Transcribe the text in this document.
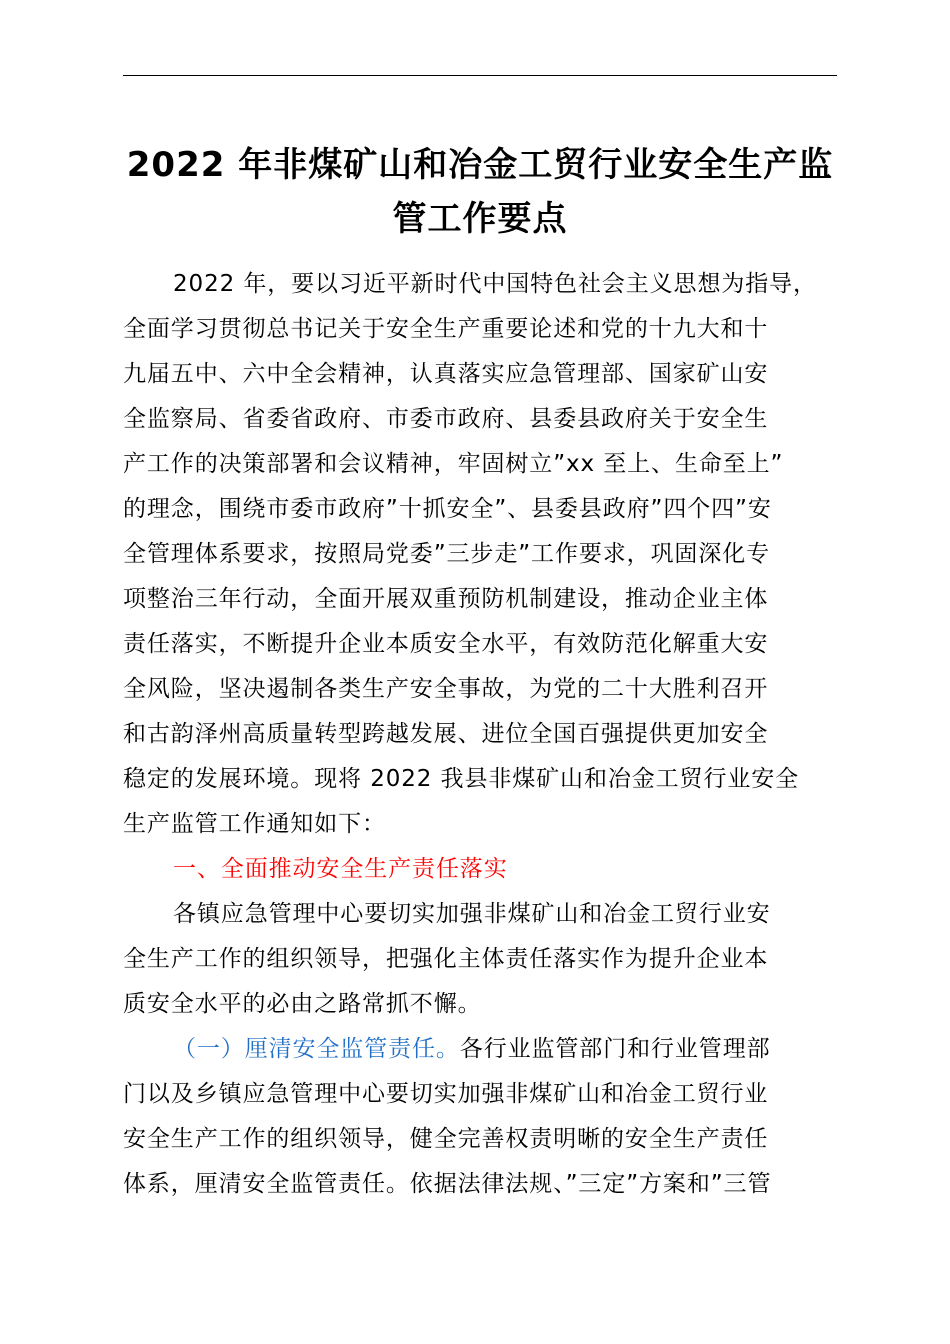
2022 年非煤矿山和冶金工贸行业安全生产监
管工作要点
2022 年，要以习近平新时代中国特色社会主义思想为指导，
全面学习贯彻总书记关于安全生产重要论述和党的十九大和十
九届五中、六中全会精神，认真落实应急管理部、国家矿山安
全监察局、省委省政府、市委市政府、县委县政府关于安全生
产工作的决策部署和会议精神，牢固树立”xx 至上、生命至上”
的理念，围绕市委市政府”十抓安全”、县委县政府”四个四”安
全管理体系要求，按照局党委”三步走”工作要求，巩固深化专
项整治三年行动，全面开展双重预防机制建设，推动企业主体
责任落实，不断提升企业本质安全水平，有效防范化解重大安
全风险，坚决遏制各类生产安全事故，为党的二十大胜利召开
和古韵泽州高质量转型跨越发展、进位全国百强提供更加安全
稳定的发展环境。现将 2022 我县非煤矿山和冶金工贸行业安全
生产监管工作通知如下：
一、全面推动安全生产责任落实
各镇应急管理中心要切实加强非煤矿山和冶金工贸行业安
全生产工作的组织领导，把强化主体责任落实作为提升企业本
质安全水平的必由之路常抓不懈。
（一）厘清安全监管责任。各行业监管部门和行业管理部
门以及乡镇应急管理中心要切实加强非煤矿山和冶金工贸行业
安全生产工作的组织领导，健全完善权责明晰的安全生产责任
体系，厘清安全监管责任。依据法律法规、”三定”方案和”三管
